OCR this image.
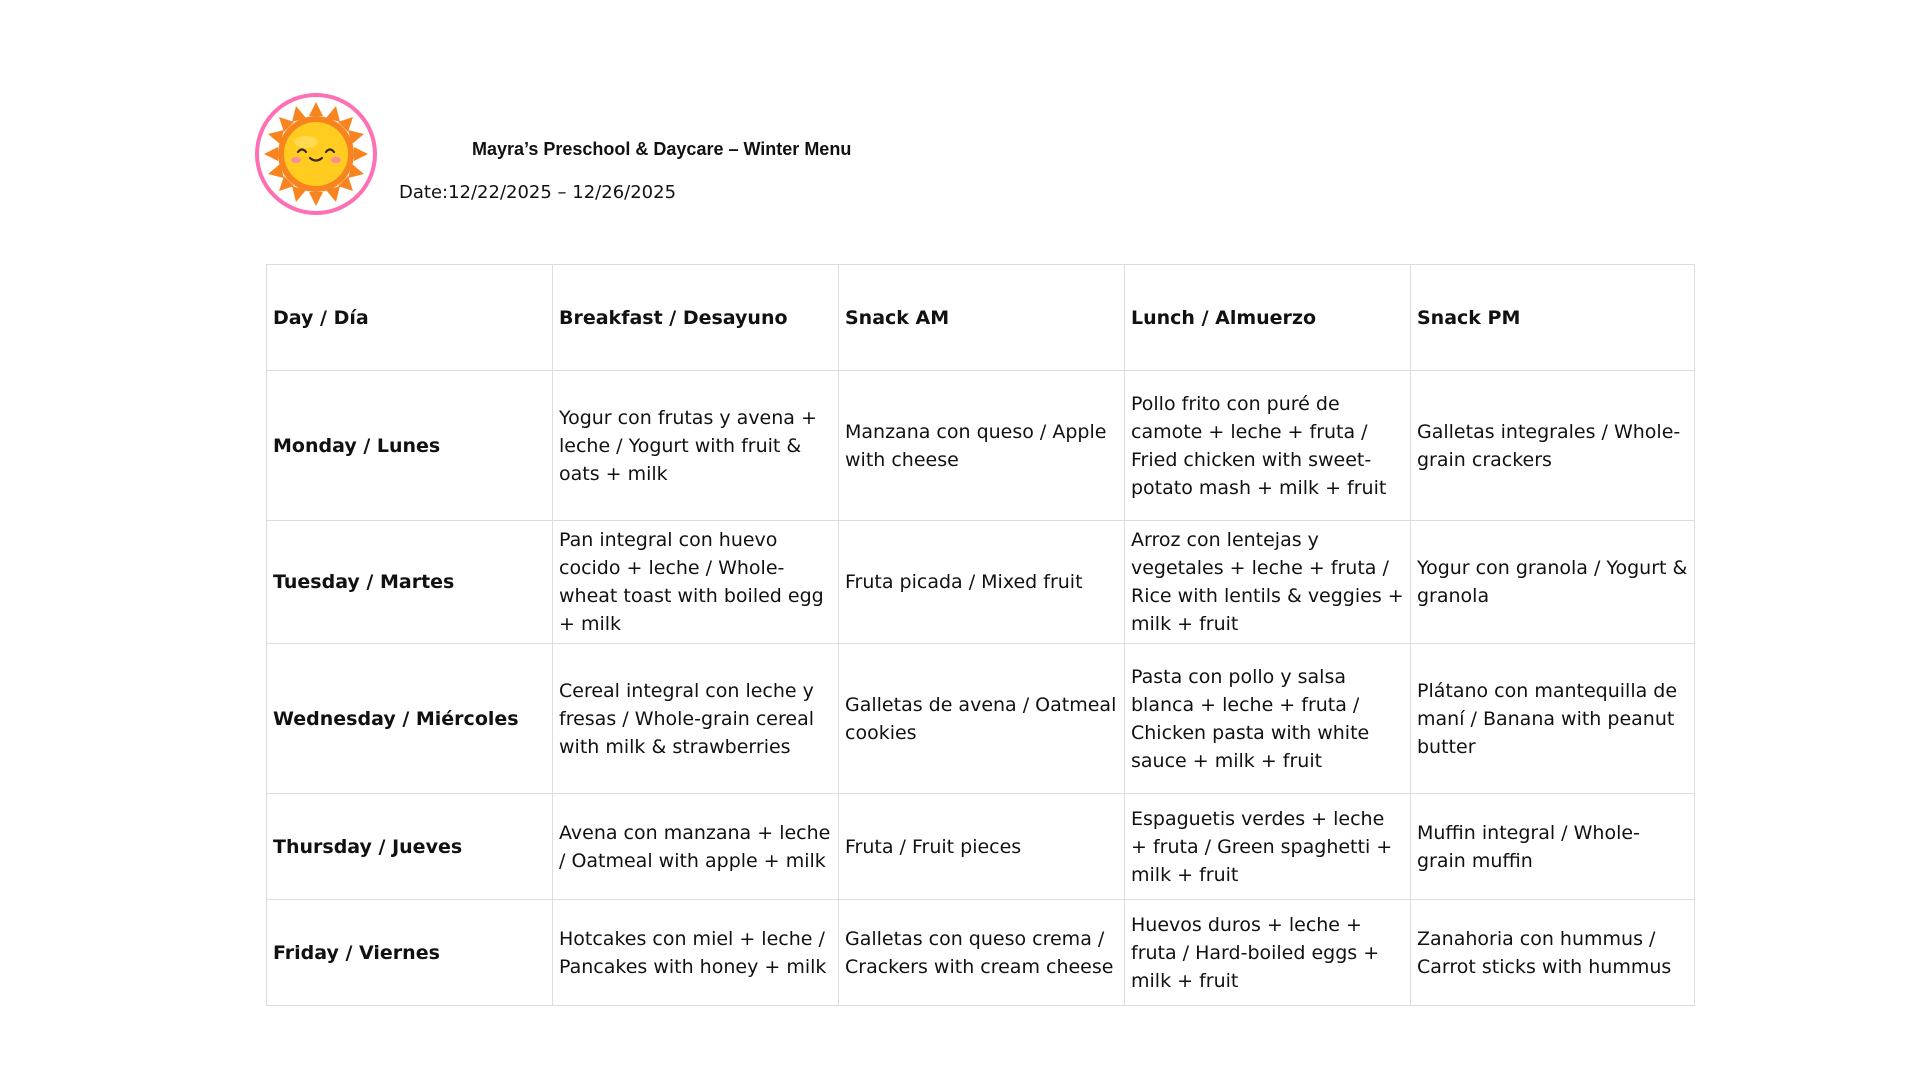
Mayra’s Preschool & Daycare – Winter Menu
Date:12/22/2025 – 12/26/2025
Day / Día	Breakfast / Desayuno	Snack AM	Lunch / Almuerzo	Snack PM
Monday / Lunes	Yogur con frutas y avena + leche / Yogurt with fruit & oats + milk	Manzana con queso / Apple with cheese	Pollo frito con puré de camote + leche + fruta / Fried chicken with sweet-potato mash + milk + fruit	Galletas integrales / Whole-grain crackers
Tuesday / Martes	Pan integral con huevo cocido + leche / Whole-wheat toast with boiled egg + milk	Fruta picada / Mixed fruit	Arroz con lentejas y vegetales + leche + fruta / Rice with lentils & veggies + milk + fruit	Yogur con granola / Yogurt & granola
Wednesday / Miércoles	Cereal integral con leche y fresas / Whole-grain cereal with milk & strawberries	Galletas de avena / Oatmeal cookies	Pasta con pollo y salsa blanca + leche + fruta / Chicken pasta with white sauce + milk + fruit	Plátano con mantequilla de maní / Banana with peanut butter
Thursday / Jueves	Avena con manzana + leche / Oatmeal with apple + milk	Fruta / Fruit pieces	Espaguetis verdes + leche + fruta / Green spaghetti + milk + fruit	Muffin integral / Whole-grain muffin
Friday / Viernes	Hotcakes con miel + leche / Pancakes with honey + milk	Galletas con queso crema / Crackers with cream cheese	Huevos duros + leche + fruta / Hard-boiled eggs + milk + fruit	Zanahoria con hummus / Carrot sticks with hummus
